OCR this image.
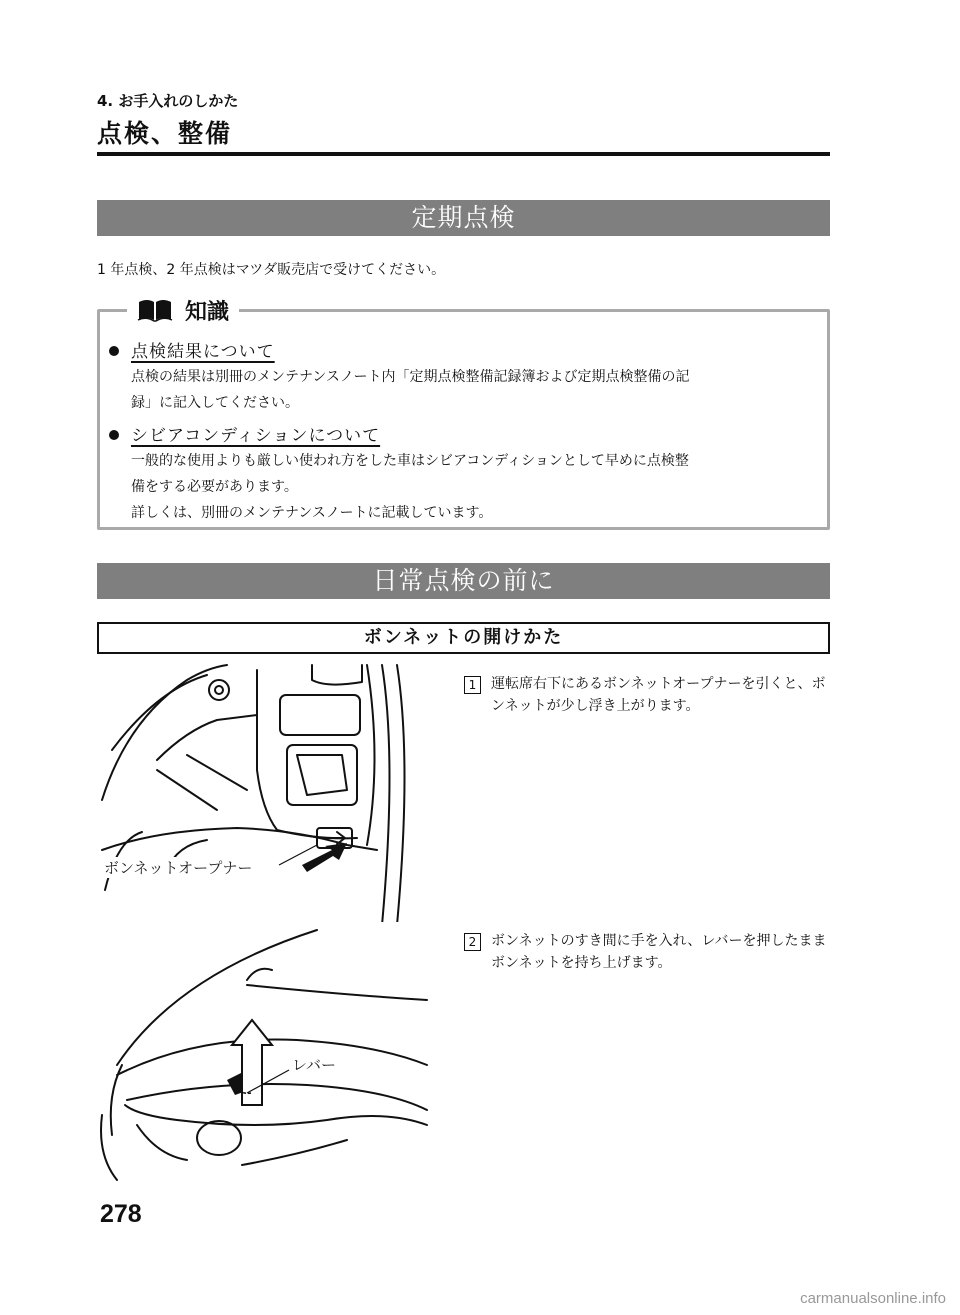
4. お手入れのしかた
点検、整備
定期点検
1 年点検、2 年点検はマツダ販売店で受けてください。
知識
点検結果について
点検の結果は別冊のメンテナンスノート内「定期点検整備記録簿および定期点検整備の記
録」に記入してください。
シビアコンディションについて
一般的な使用よりも厳しい使われ方をした車はシビアコンディションとして早めに点検整
備をする必要があります。
詳しくは、別冊のメンテナンスノートに記載しています。
日常点検の前に
ボンネットの開けかた
ボンネットオープナー
レバー
1	運転席右下にあるボンネットオープナーを引くと、ボンネットが少し浮き上がります。
2	ボンネットのすき間に手を入れ、レバーを押したままボンネットを持ち上げます。
278
carmanualsonline.info
